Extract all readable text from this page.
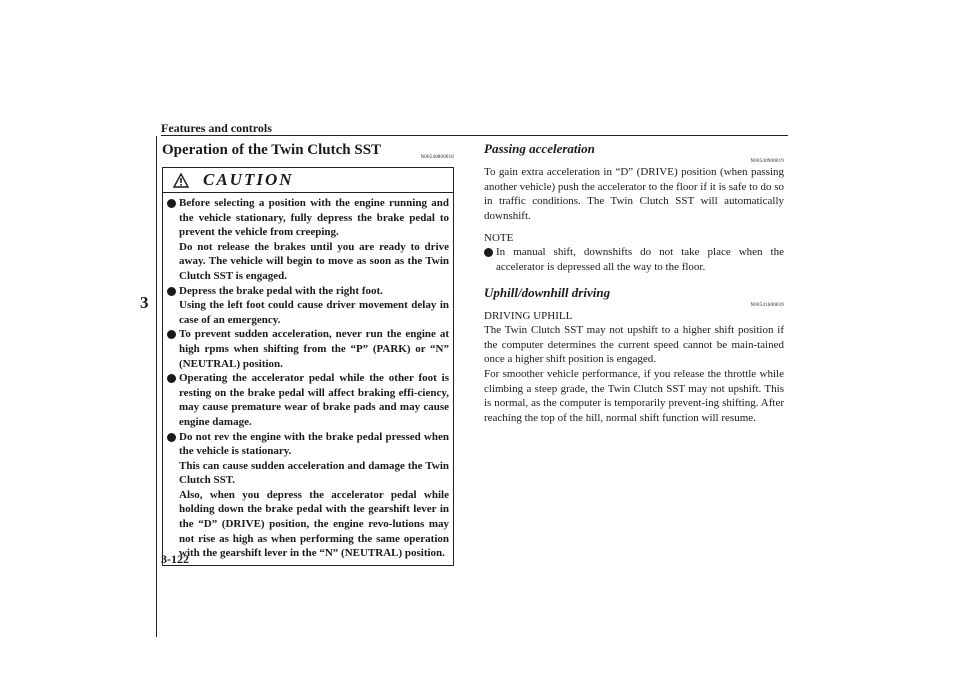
Features and controls
3
Operation of the Twin Clutch SST	N00540800018
CAUTION
Before selecting a position with the engine running and the vehicle stationary, fully depress the brake pedal to prevent the vehicle from creeping.
Do not release the brakes until you are ready to drive away. The vehicle will begin to move as soon as the Twin Clutch SST is engaged.
Depress the brake pedal with the right foot.
Using the left foot could cause driver movement delay in case of an emergency.
To prevent sudden acceleration, never run the engine at high rpms when shifting from the “P” (PARK) or “N” (NEUTRAL) position.
Operating the accelerator pedal while the other foot is resting on the brake pedal will affect braking effi-ciency, may cause premature wear of brake pads and may cause engine damage.
Do not rev the engine with the brake pedal pressed when the vehicle is stationary.
This can cause sudden acceleration and damage the Twin Clutch SST.
Also, when you depress the accelerator pedal while holding down the brake pedal with the gearshift lever in the “D” (DRIVE) position, the engine revo-lutions may not rise as high as when performing the same operation with the gearshift lever in the “N” (NEUTRAL) position.
Passing acceleration
N00540900019

To gain extra acceleration in “D” (DRIVE) position (when passing another vehicle) push the accelerator to the floor if it is safe to do so in traffic conditions. The Twin Clutch SST will automatically downshift.

NOTE
In manual shift, downshifts do not take place when the accelerator is depressed all the way to the floor.
Uphill/downhill driving
N00541600039

DRIVING UPHILL

The Twin Clutch SST may not upshift to a higher shift position if the computer determines the current speed cannot be main-tained once a higher shift position is engaged.

For smoother vehicle performance, if you release the throttle while climbing a steep grade, the Twin Clutch SST may not upshift. This is normal, as the computer is temporarily prevent-ing shifting. After reaching the top of the hill, normal shift function will resume.

3-122
